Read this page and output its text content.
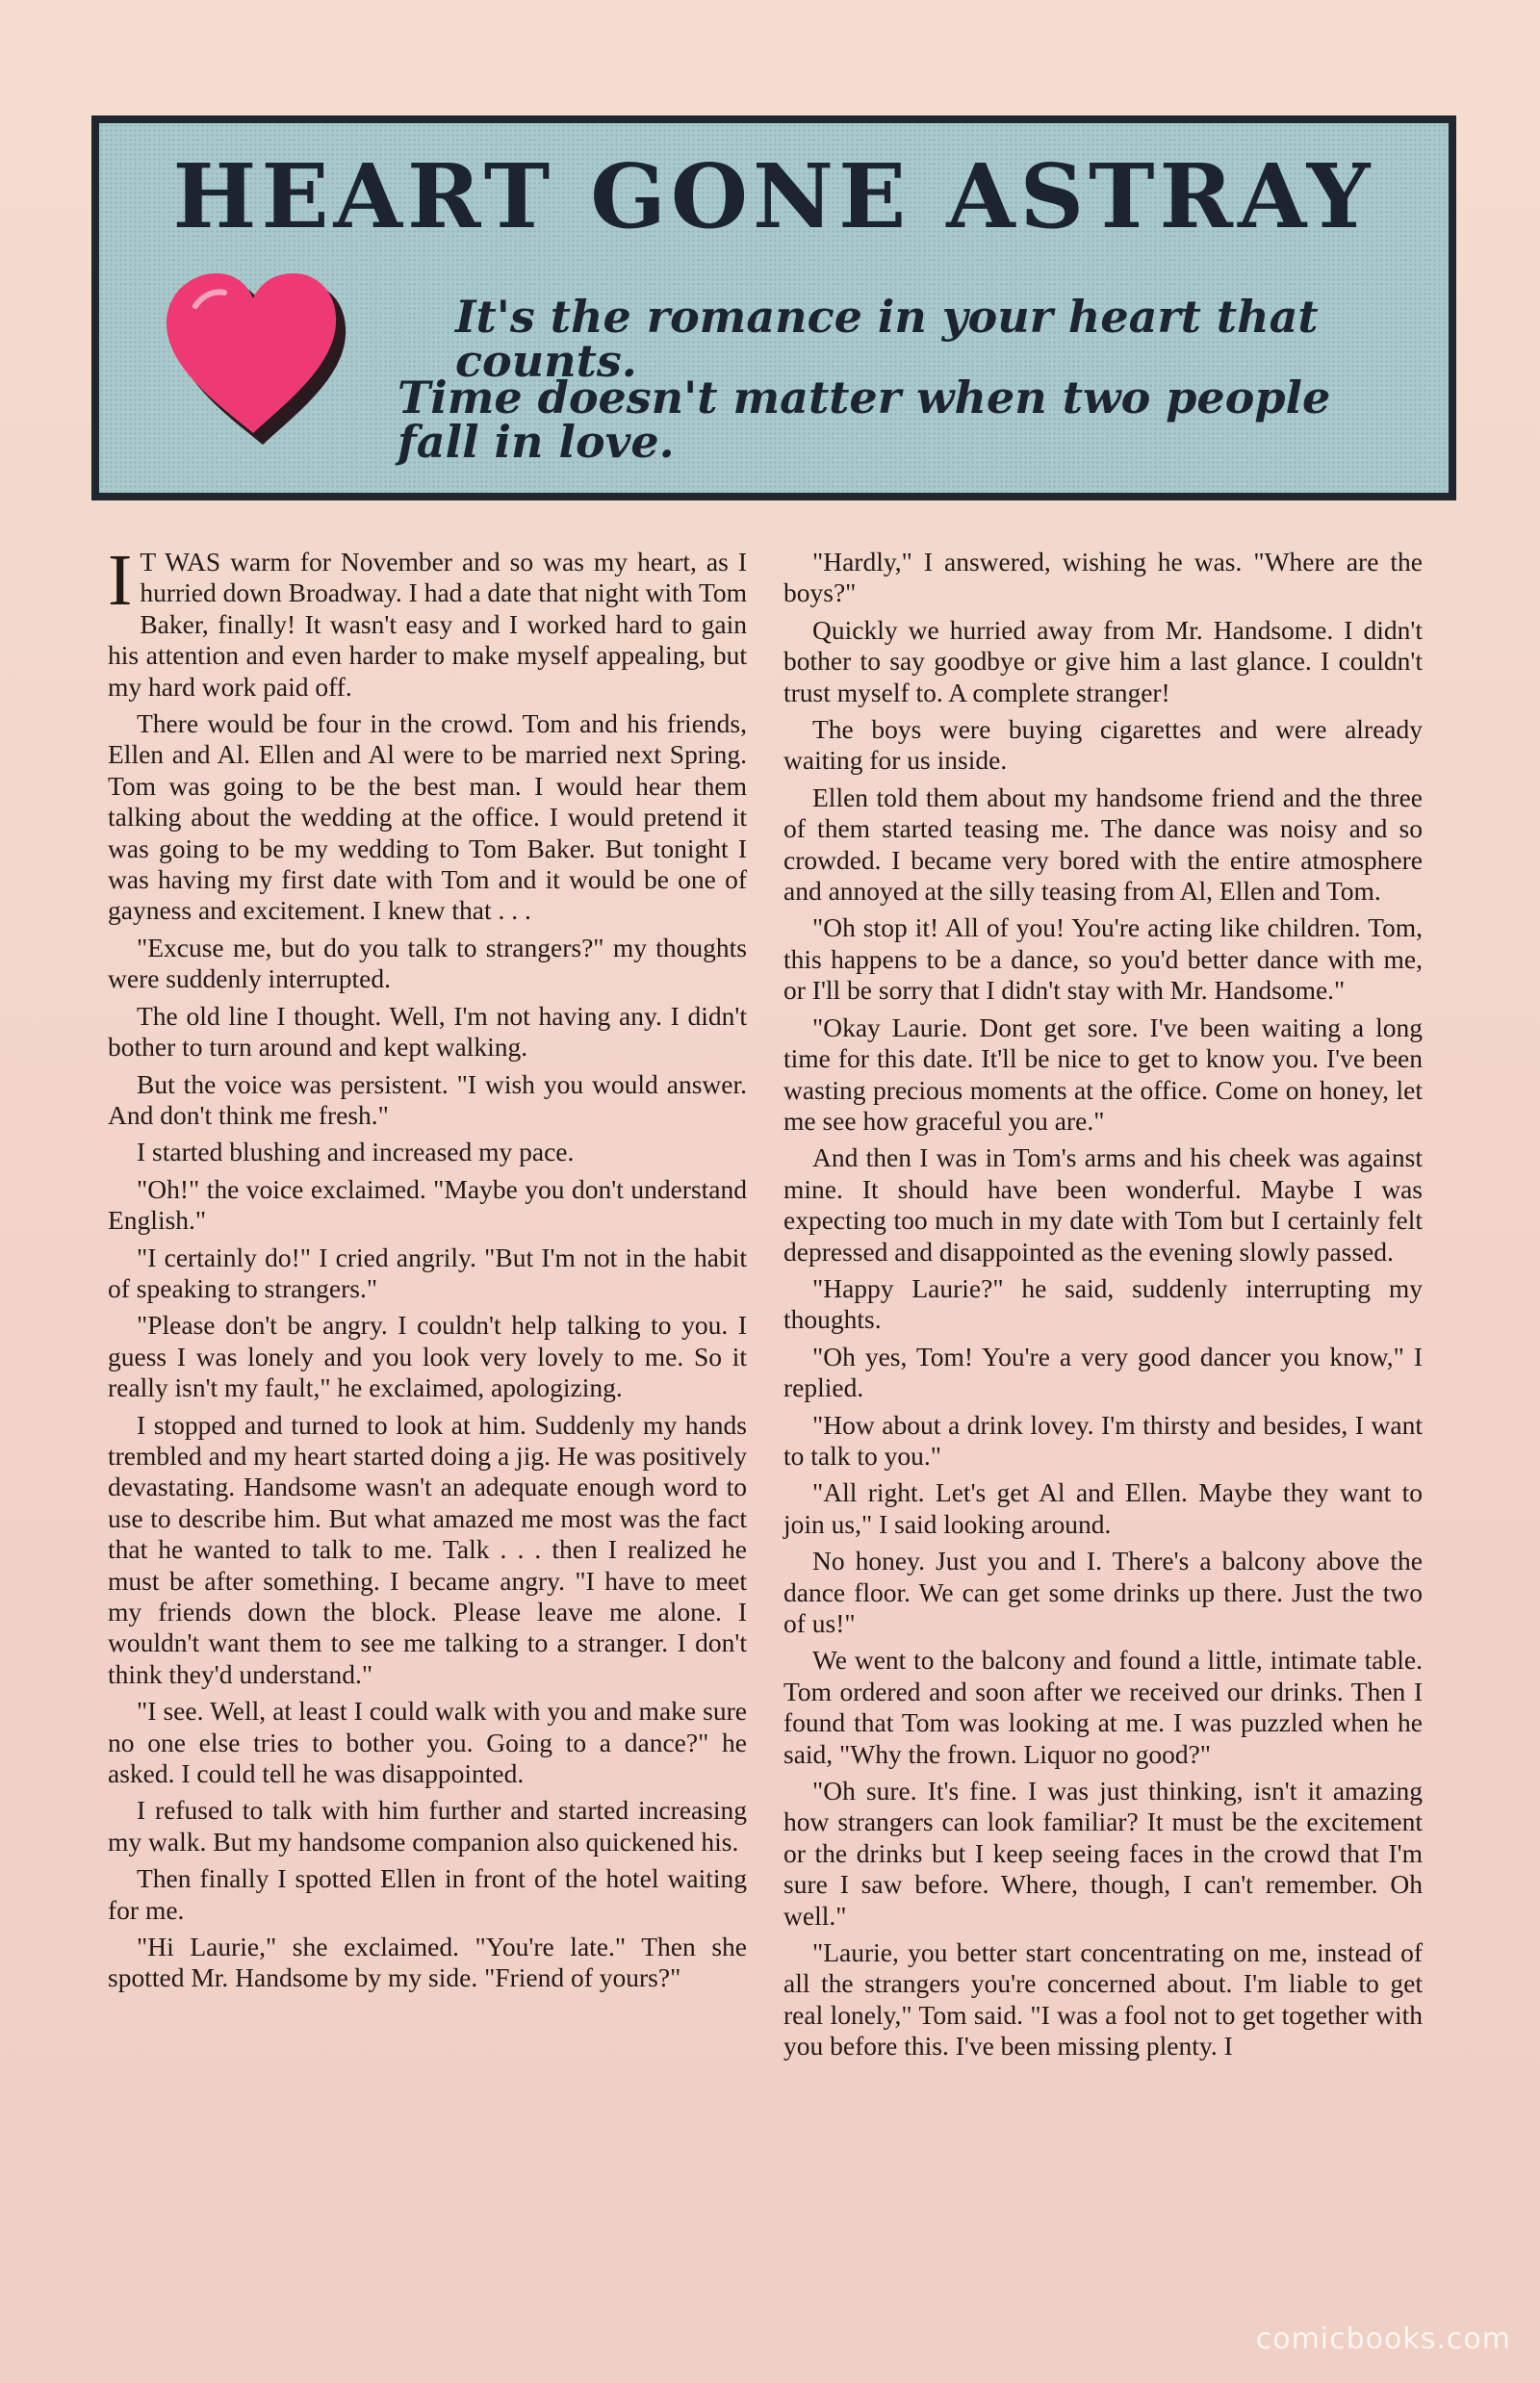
HEART GONE ASTRAY

It's the romance in your heart that counts.

Time doesn't matter when two people fall in love.

I T WAS warm for November and so was my heart, as I hurried down Broadway. I had a date that night with Tom Baker, finally! It wasn't easy and I worked hard to gain his attention and even harder to make myself appealing, but my hard work paid off.

There would be four in the crowd. Tom and his friends, Ellen and Al. Ellen and Al were to be married next Spring. Tom was going to be the best man. I would hear them talking about the wedding at the office. I would pretend it was going to be my wedding to Tom Baker. But tonight I was having my first date with Tom and it would be one of gayness and excitement. I knew that . . .

"Excuse me, but do you talk to strangers?" my thoughts were suddenly interrupted.

The old line I thought. Well, I'm not having any. I didn't bother to turn around and kept walking.

But the voice was persistent. "I wish you would answer. And don't think me fresh."

I started blushing and increased my pace.

"Oh!" the voice exclaimed. "Maybe you don't understand English."

"I certainly do!" I cried angrily. "But I'm not in the habit of speaking to strangers."

"Please don't be angry. I couldn't help talking to you. I guess I was lonely and you look very lovely to me. So it really isn't my fault," he exclaimed, apologizing.

I stopped and turned to look at him. Suddenly my hands trembled and my heart started doing a jig. He was positively devastating. Handsome wasn't an adequate enough word to use to describe him. But what amazed me most was the fact that he wanted to talk to me. Talk . . . then I realized he must be after something. I became angry. "I have to meet my friends down the block. Please leave me alone. I wouldn't want them to see me talking to a stranger. I don't think they'd understand."

"I see. Well, at least I could walk with you and make sure no one else tries to bother you. Going to a dance?" he asked. I could tell he was disappointed.

I refused to talk with him further and started increasing my walk. But my handsome companion also quickened his.

Then finally I spotted Ellen in front of the hotel waiting for me.

"Hi Laurie," she exclaimed. "You're late." Then she spotted Mr. Handsome by my side. "Friend of yours?"

"Hardly," I answered, wishing he was. "Where are the boys?"

Quickly we hurried away from Mr. Handsome. I didn't bother to say goodbye or give him a last glance. I couldn't trust myself to. A complete stranger!

The boys were buying cigarettes and were already waiting for us inside.

Ellen told them about my handsome friend and the three of them started teasing me. The dance was noisy and so crowded. I became very bored with the entire atmosphere and annoyed at the silly teasing from Al, Ellen and Tom.

"Oh stop it! All of you! You're acting like children. Tom, this happens to be a dance, so you'd better dance with me, or I'll be sorry that I didn't stay with Mr. Handsome."

"Okay Laurie. Dont get sore. I've been waiting a long time for this date. It'll be nice to get to know you. I've been wasting precious moments at the office. Come on honey, let me see how graceful you are."

And then I was in Tom's arms and his cheek was against mine. It should have been wonderful. Maybe I was expecting too much in my date with Tom but I certainly felt depressed and disappointed as the evening slowly passed.

"Happy Laurie?" he said, suddenly interrupting my thoughts.

"Oh yes, Tom! You're a very good dancer you know," I replied.

"How about a drink lovey. I'm thirsty and besides, I want to talk to you."

"All right. Let's get Al and Ellen. Maybe they want to join us," I said looking around.

No honey. Just you and I. There's a balcony above the dance floor. We can get some drinks up there. Just the two of us!"

We went to the balcony and found a little, intimate table. Tom ordered and soon after we received our drinks. Then I found that Tom was looking at me. I was puzzled when he said, "Why the frown. Liquor no good?"

"Oh sure. It's fine. I was just thinking, isn't it amazing how strangers can look familiar? It must be the excitement or the drinks but I keep seeing faces in the crowd that I'm sure I saw before. Where, though, I can't remember. Oh well."

"Laurie, you better start concentrating on me, instead of all the strangers you're concerned about. I'm liable to get real lonely," Tom said. "I was a fool not to get together with you before this. I've been missing plenty. I

comicbooks.com
